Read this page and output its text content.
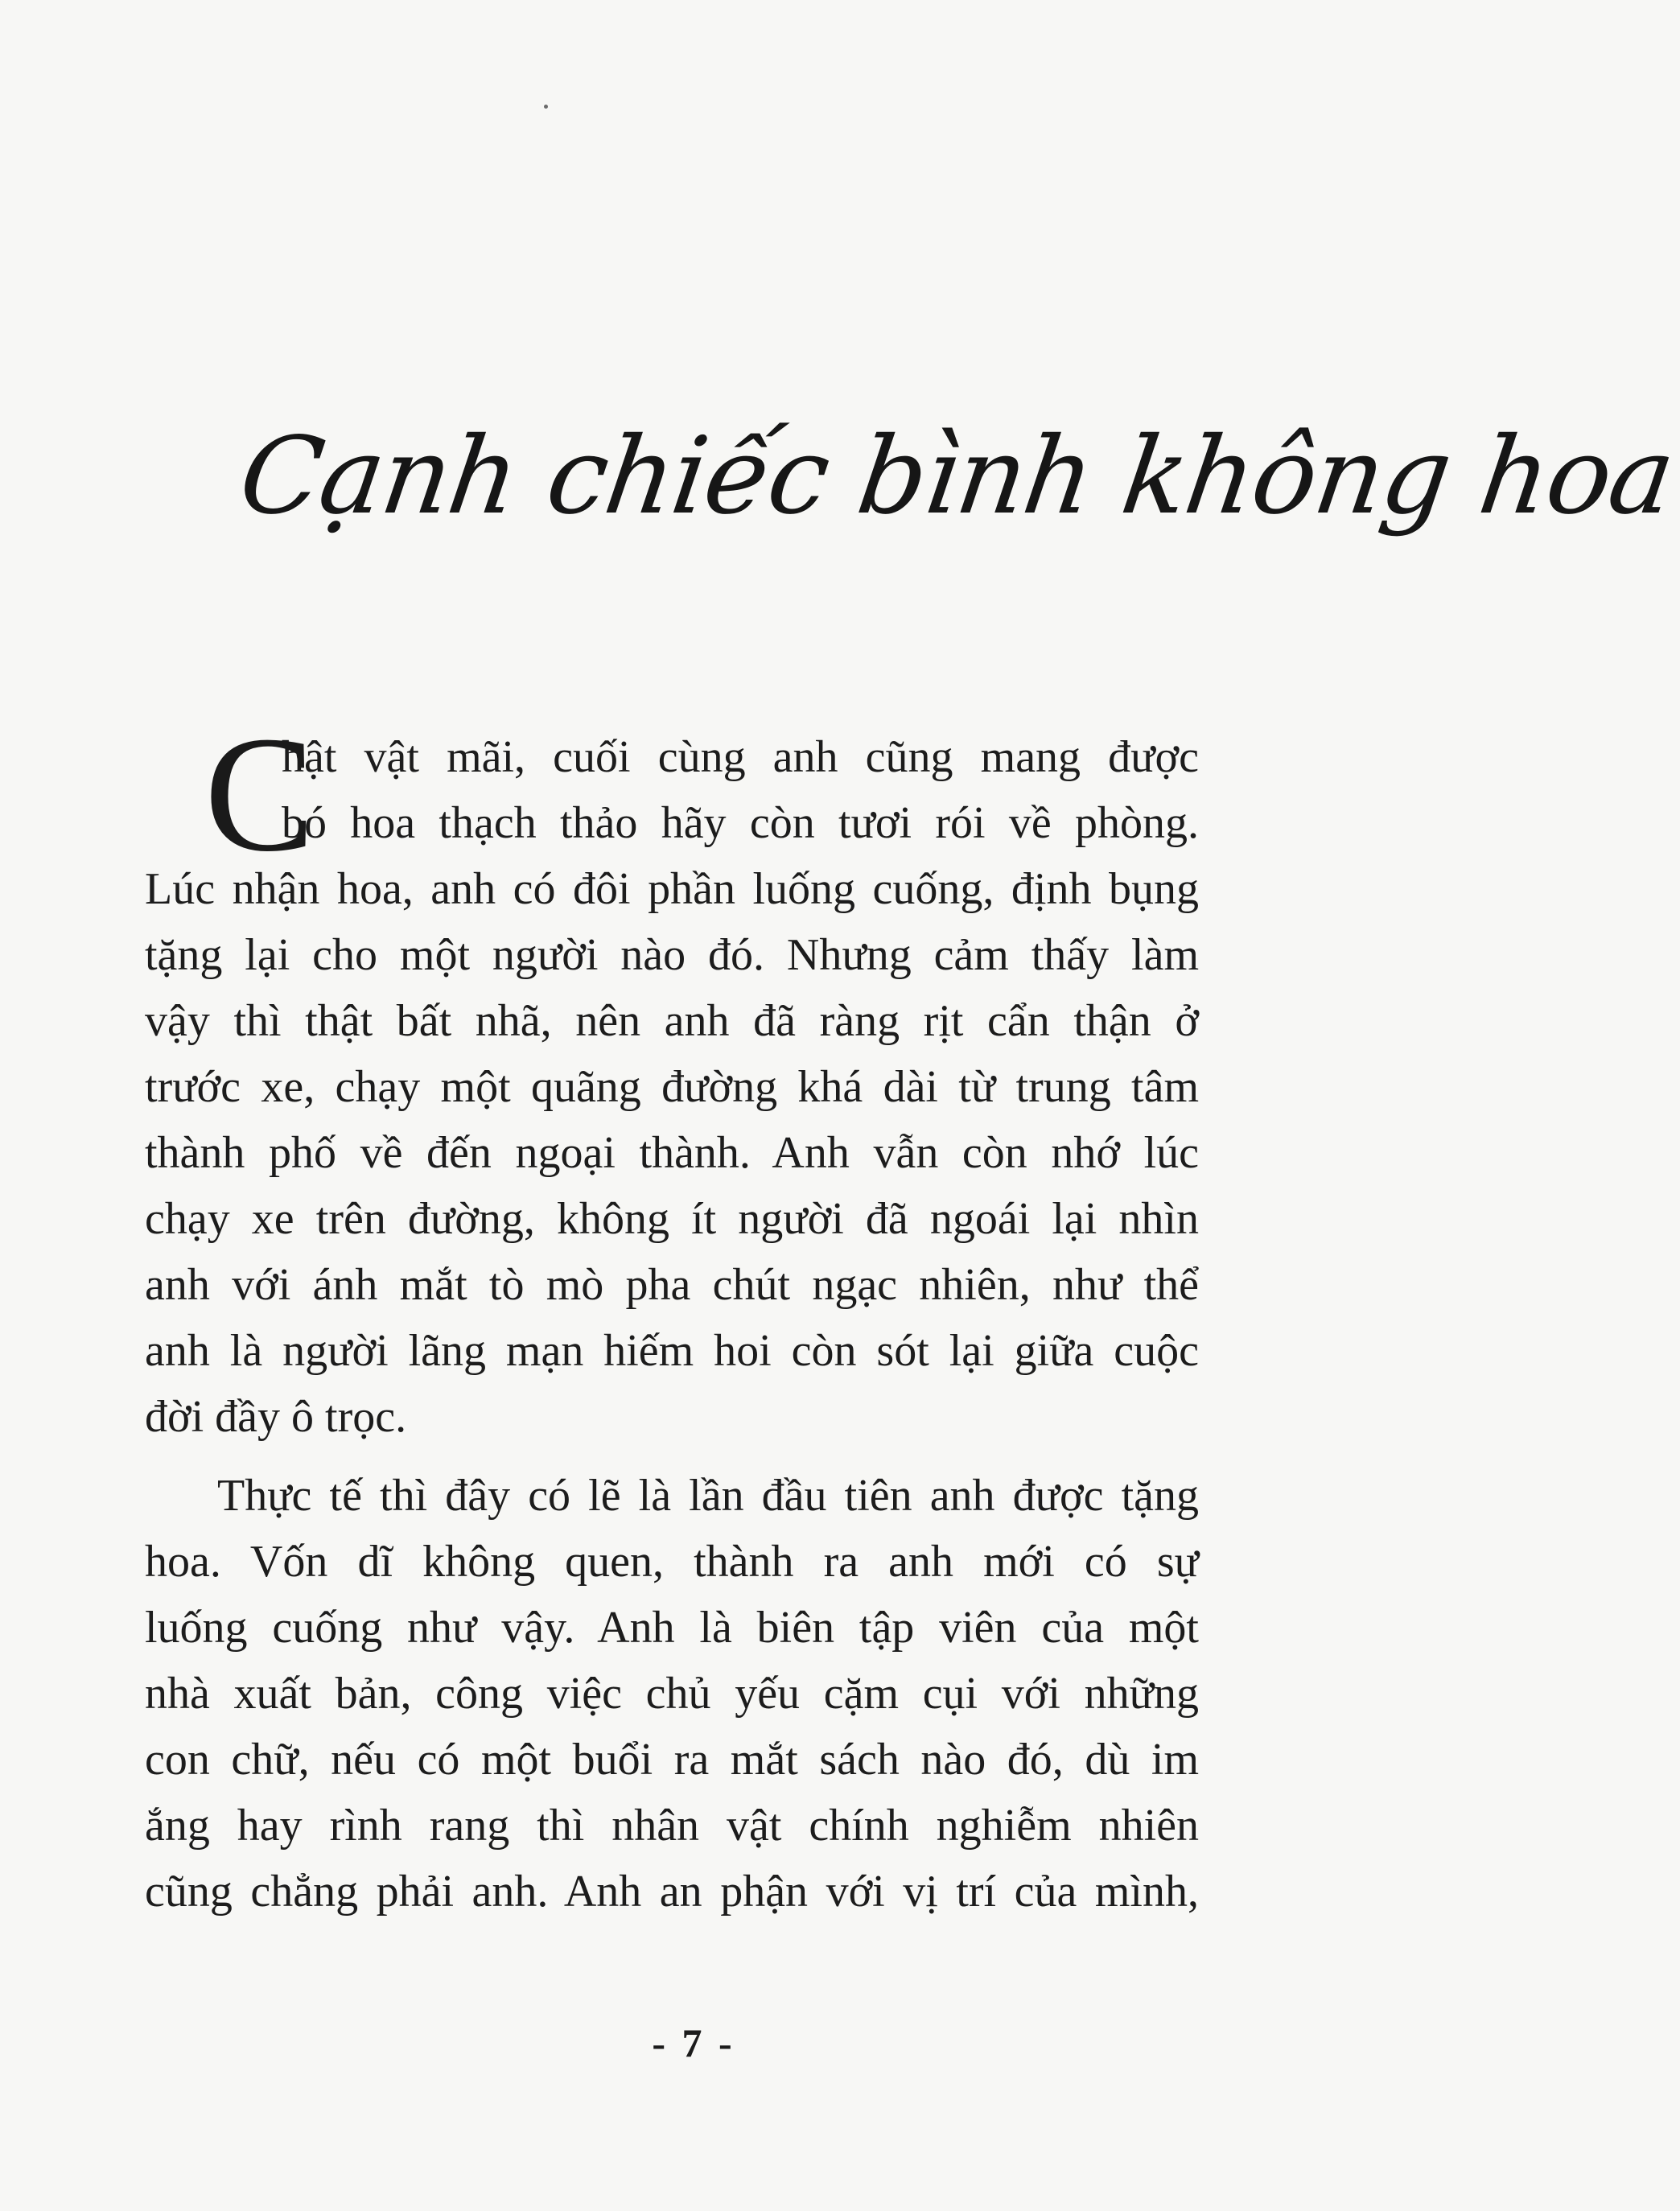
Cạnh chiếc bình không hoa
C
hật vật mãi, cuối cùng anh cũng mang được
bó hoa thạch thảo hãy còn tươi rói về phòng.
Lúc nhận hoa, anh có đôi phần luống cuống, định bụng
tặng lại cho một người nào đó. Nhưng cảm thấy làm
vậy thì thật bất nhã, nên anh đã ràng rịt cẩn thận ở
trước xe, chạy một quãng đường khá dài từ trung tâm
thành phố về đến ngoại thành. Anh vẫn còn nhớ lúc
chạy xe trên đường, không ít người đã ngoái lại nhìn
anh với ánh mắt tò mò pha chút ngạc nhiên, như thể
anh là người lãng mạn hiếm hoi còn sót lại giữa cuộc
đời đầy ô trọc.
Thực tế thì đây có lẽ là lần đầu tiên anh được tặng
hoa. Vốn dĩ không quen, thành ra anh mới có sự
luống cuống như vậy. Anh là biên tập viên của một
nhà xuất bản, công việc chủ yếu cặm cụi với những
con chữ, nếu có một buổi ra mắt sách nào đó, dù im
ắng hay rình rang thì nhân vật chính nghiễm nhiên
cũng chẳng phải anh. Anh an phận với vị trí của mình,
- 7 -
